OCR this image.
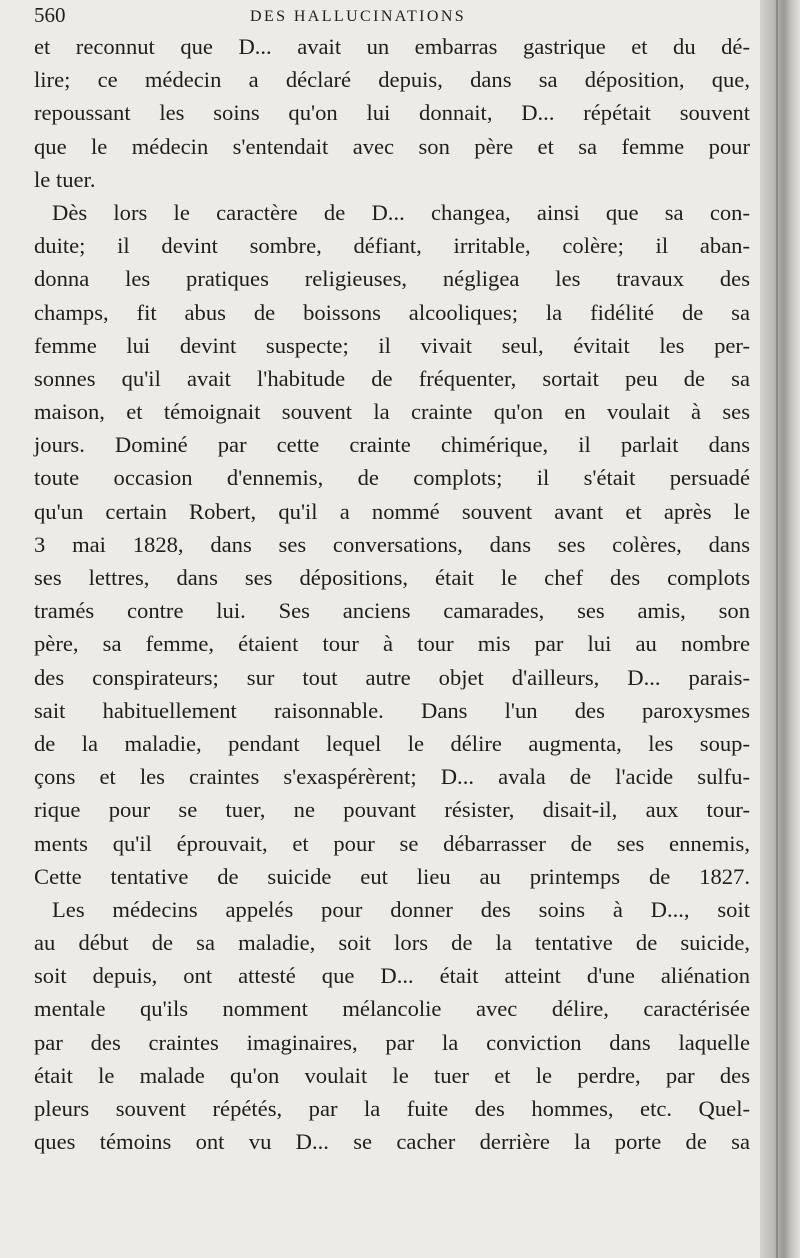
560	DES HALLUCINATIONS
et reconnut que D... avait un embarras gastrique et du dé-
lire; ce médecin a déclaré depuis, dans sa déposition, que,
repoussant les soins qu'on lui donnait, D... répétait souvent
que le médecin s'entendait avec son père et sa femme pour
le tuer.
Dès lors le caractère de D... changea, ainsi que sa con-
duite; il devint sombre, défiant, irritable, colère; il aban-
donna les pratiques religieuses, négligea les travaux des
champs, fit abus de boissons alcooliques; la fidélité de sa
femme lui devint suspecte; il vivait seul, évitait les per-
sonnes qu'il avait l'habitude de fréquenter, sortait peu de sa
maison, et témoignait souvent la crainte qu'on en voulait à ses
jours. Dominé par cette crainte chimérique, il parlait dans
toute occasion d'ennemis, de complots; il s'était persuadé
qu'un certain Robert, qu'il a nommé souvent avant et après le
3 mai 1828, dans ses conversations, dans ses colères, dans
ses lettres, dans ses dépositions, était le chef des complots
tramés contre lui. Ses anciens camarades, ses amis, son
père, sa femme, étaient tour à tour mis par lui au nombre
des conspirateurs; sur tout autre objet d'ailleurs, D... parais-
sait habituellement raisonnable. Dans l'un des paroxysmes
de la maladie, pendant lequel le délire augmenta, les soup-
çons et les craintes s'exaspérèrent; D... avala de l'acide sulfu-
rique pour se tuer, ne pouvant résister, disait-il, aux tour-
ments qu'il éprouvait, et pour se débarrasser de ses ennemis,
Cette tentative de suicide eut lieu au printemps de 1827.
Les médecins appelés pour donner des soins à D..., soit
au début de sa maladie, soit lors de la tentative de suicide,
soit depuis, ont attesté que D... était atteint d'une aliénation
mentale qu'ils nomment mélancolie avec délire, caractérisée
par des craintes imaginaires, par la conviction dans laquelle
était le malade qu'on voulait le tuer et le perdre, par des
pleurs souvent répétés, par la fuite des hommes, etc. Quel-
ques témoins ont vu D... se cacher derrière la porte de sa
